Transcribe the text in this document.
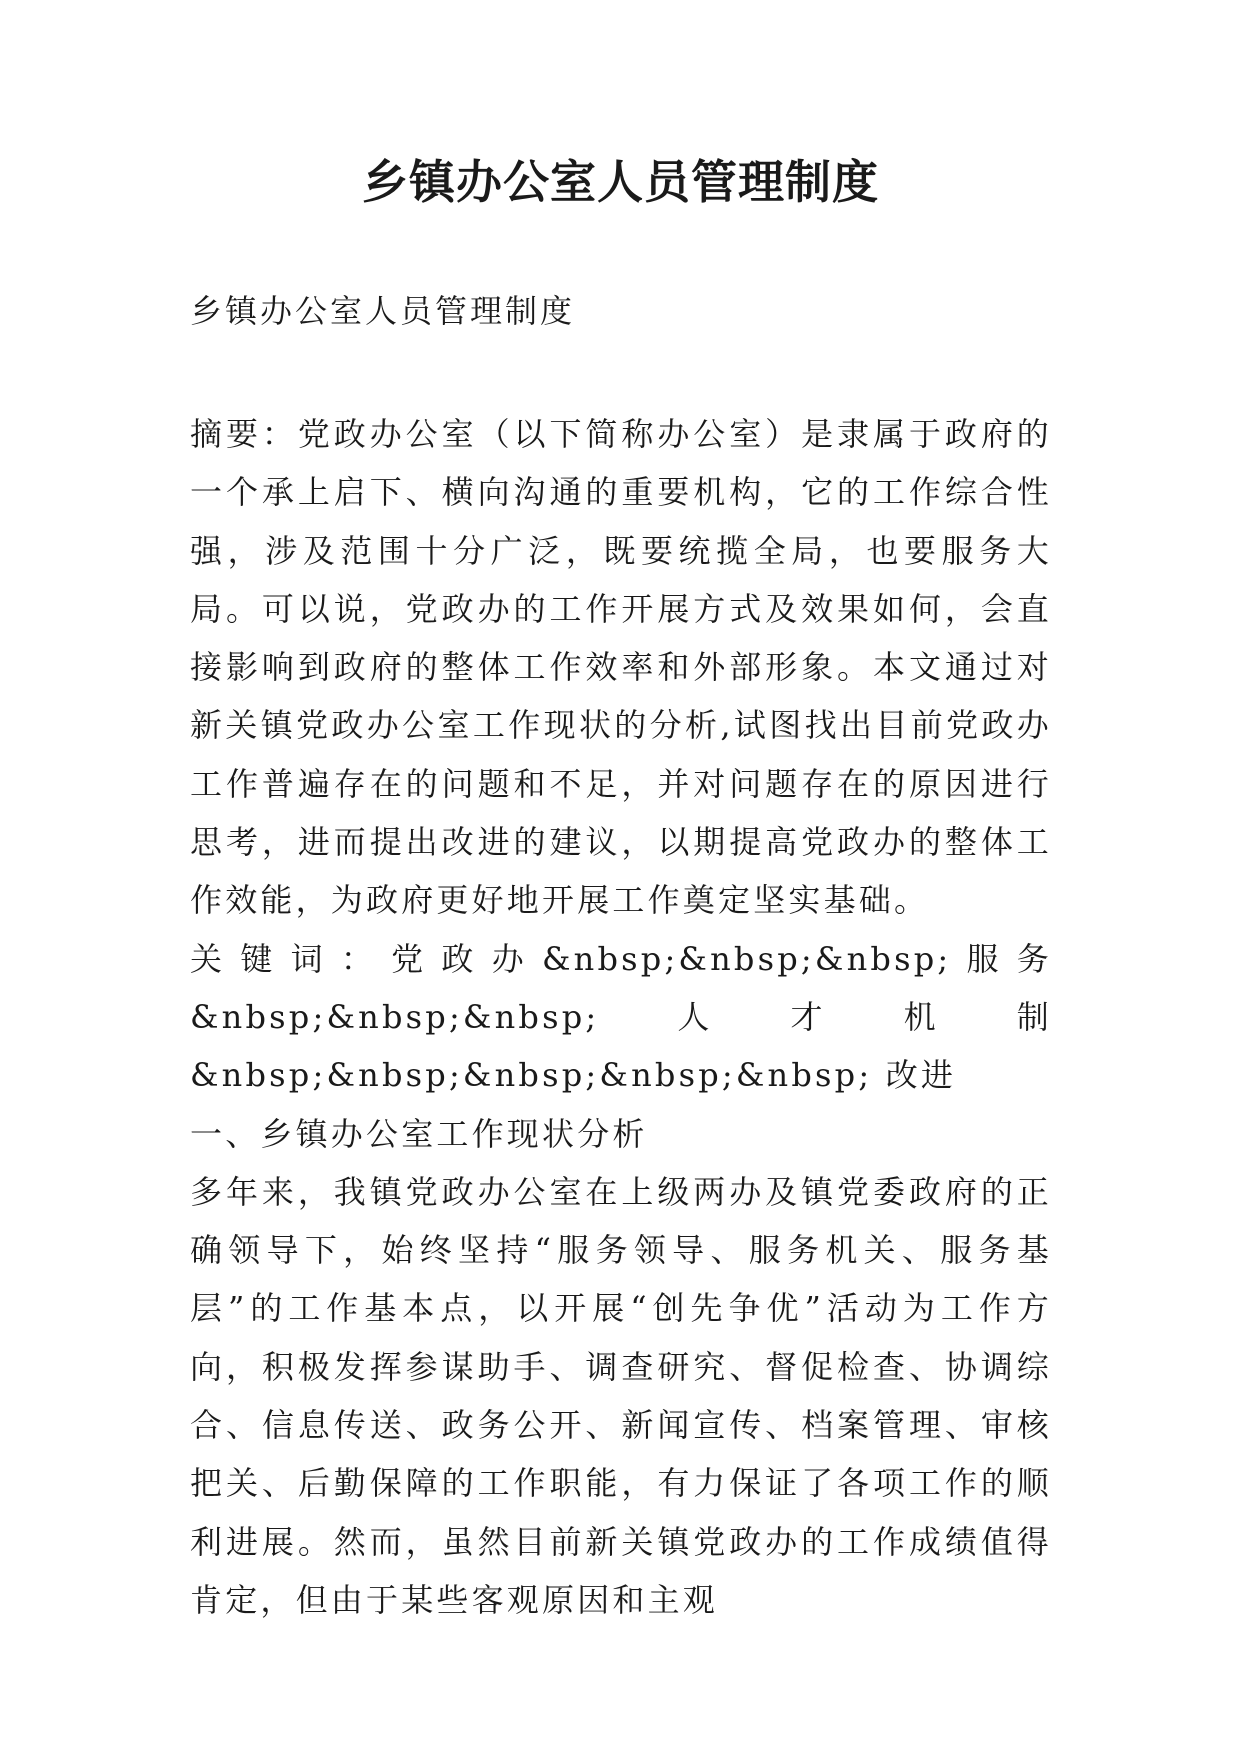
乡镇办公室人员管理制度

乡镇办公室人员管理制度

摘要：党政办公室（以下简称办公室）是隶属于政府的一个承上启下、横向沟通的重要机构，它的工作综合性强，涉及范围十分广泛，既要统揽全局，也要服务大局。可以说，党政办的工作开展方式及效果如何，会直接影响到政府的整体工作效率和外部形象。本文通过对新关镇党政办公室工作现状的分析,试图找出目前党政办工作普遍存在的问题和不足，并对问题存在的原因进行思考，进而提出改进的建议，以期提高党政办的整体工作效能，为政府更好地开展工作奠定坚实基础。

关 键 词 ： 党 政 办 &nbsp;&nbsp;&nbsp; 服 务
&nbsp;&nbsp;&nbsp; 人 才 机 制
&nbsp;&nbsp;&nbsp;&nbsp;&nbsp; 改进

一、乡镇办公室工作现状分析

多年来，我镇党政办公室在上级两办及镇党委政府的正确领导下，始终坚持“服务领导、服务机关、服务基层”的工作基本点，以开展“创先争优”活动为工作方向，积极发挥参谋助手、调查研究、督促检查、协调综合、信息传送、政务公开、新闻宣传、档案管理、审核把关、后勤保障的工作职能，有力保证了各项工作的顺利进展。然而，虽然目前新关镇党政办的工作成绩值得肯定，但由于某些客观原因和主观
